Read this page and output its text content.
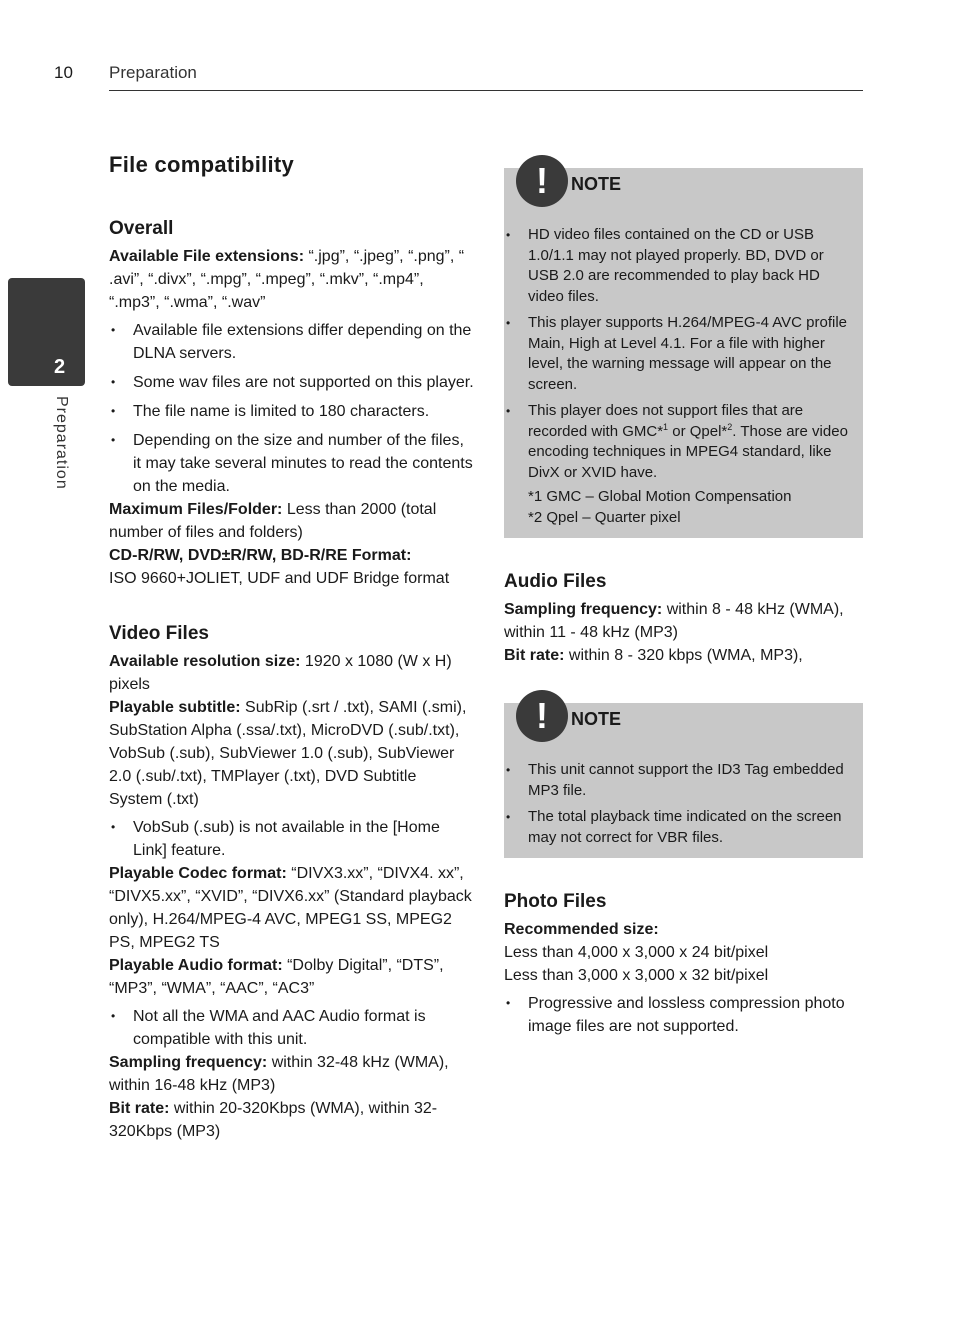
10 Preparation
2
Preparation
File compatibility
Overall

Available File extensions: “.jpg”, “.jpeg”, “.png”, “ .avi”, “.divx”, “.mpg”, “.mpeg”, “.mkv”, “.mp4”, “.mp3”, “.wma”, “.wav”

• Available file extensions differ depending on the DLNA servers.
• Some wav files are not supported on this player.
• The file name is limited to 180 characters.
• Depending on the size and number of the files, it may take several minutes to read the contents on the media.

Maximum Files/Folder: Less than 2000 (total number of files and folders)

CD-R/RW, DVD±R/RW, BD-R/RE Format:

ISO 9660+JOLIET, UDF and UDF Bridge format

Video Files

Available resolution size: 1920 x 1080 (W x H) pixels

Playable subtitle: SubRip (.srt / .txt), SAMI (.smi), SubStation Alpha (.ssa/.txt), MicroDVD (.sub/.txt), VobSub (.sub), SubViewer 1.0 (.sub), SubViewer 2.0 (.sub/.txt), TMPlayer (.txt), DVD Subtitle System (.txt)

• VobSub (.sub) is not available in the [Home Link] feature.

Playable Codec format: “DIVX3.xx”, “DIVX4. xx”, “DIVX5.xx”, “XVID”, “DIVX6.xx” (Standard playback only), H.264/MPEG-4 AVC, MPEG1 SS, MPEG2 PS, MPEG2 TS

Playable Audio format: “Dolby Digital”, “DTS”, “MP3”, “WMA”, “AAC”, “AC3”

• Not all the WMA and AAC Audio format is compatible with this unit.

Sampling frequency: within 32-48 kHz (WMA), within 16-48 kHz (MP3)

Bit rate: within 20-320Kbps (WMA), within 32-320Kbps (MP3)

!	NOTE
• HD video files contained on the CD or USB 1.0/1.1 may not played properly. BD, DVD or USB 2.0 are recommended to play back HD video files.
• This player supports H.264/MPEG-4 AVC profile Main, High at Level 4.1. For a file with higher level, the warning message will appear on the screen.
• This player does not support files that are recorded with GMC*$^1$ or Qpel*$^2$. Those are video encoding techniques in MPEG4 standard, like DivX or XVID have.

*1 GMC – Global Motion Compensation

*2 Qpel – Quarter pixel

Audio Files

Sampling frequency: within 8 - 48 kHz (WMA), within 11 - 48 kHz (MP3)

Bit rate: within 8 - 320 kbps (WMA, MP3),

!	NOTE
• This unit cannot support the ID3 Tag embedded MP3 file.
• The total playback time indicated on the screen may not correct for VBR files.
Photo Files

Recommended size:

Less than 4,000 x 3,000 x 24 bit/pixel

Less than 3,000 x 3,000 x 32 bit/pixel

• Progressive and lossless compression photo image files are not supported.
